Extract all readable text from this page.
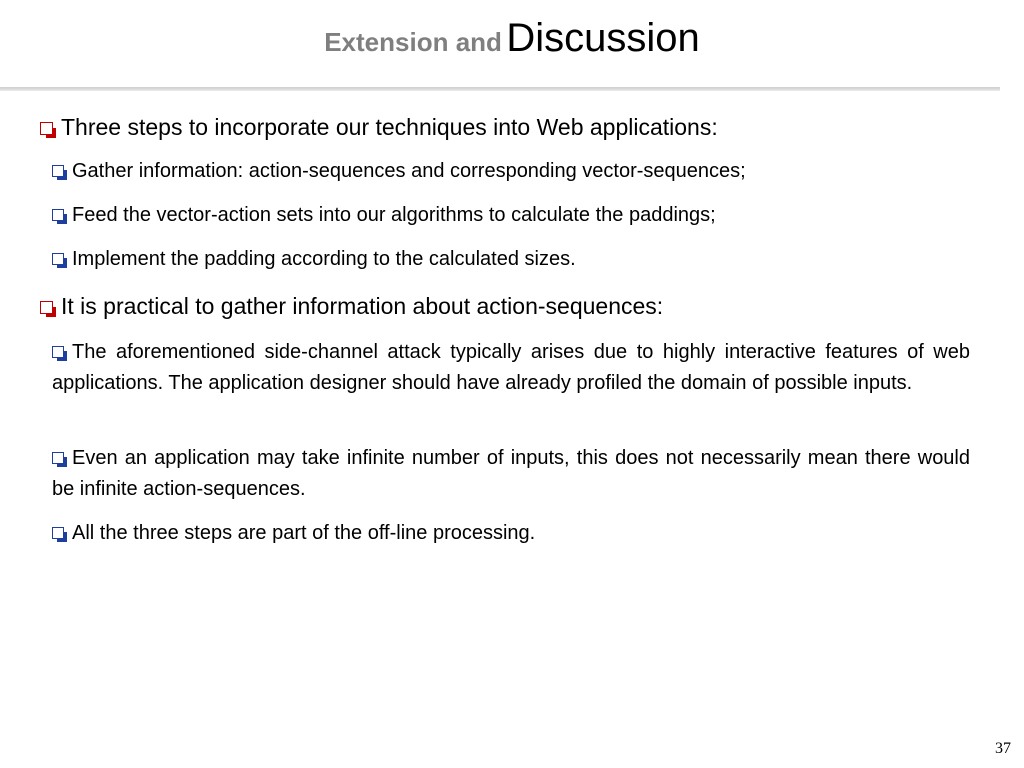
Extension and Discussion
Three steps to incorporate our techniques into Web applications:
Gather information: action-sequences and corresponding vector-sequences;
Feed the vector-action sets into our algorithms to calculate the paddings;
Implement the padding according to the calculated sizes.
It is practical to gather information about action-sequences:
The aforementioned side-channel attack typically arises due to highly interactive features of web applications. The application designer should have already profiled the domain of possible inputs.
Even an application may take infinite number of inputs, this does not necessarily mean there would be infinite action-sequences.
All the three steps are part of the off-line processing.
37
